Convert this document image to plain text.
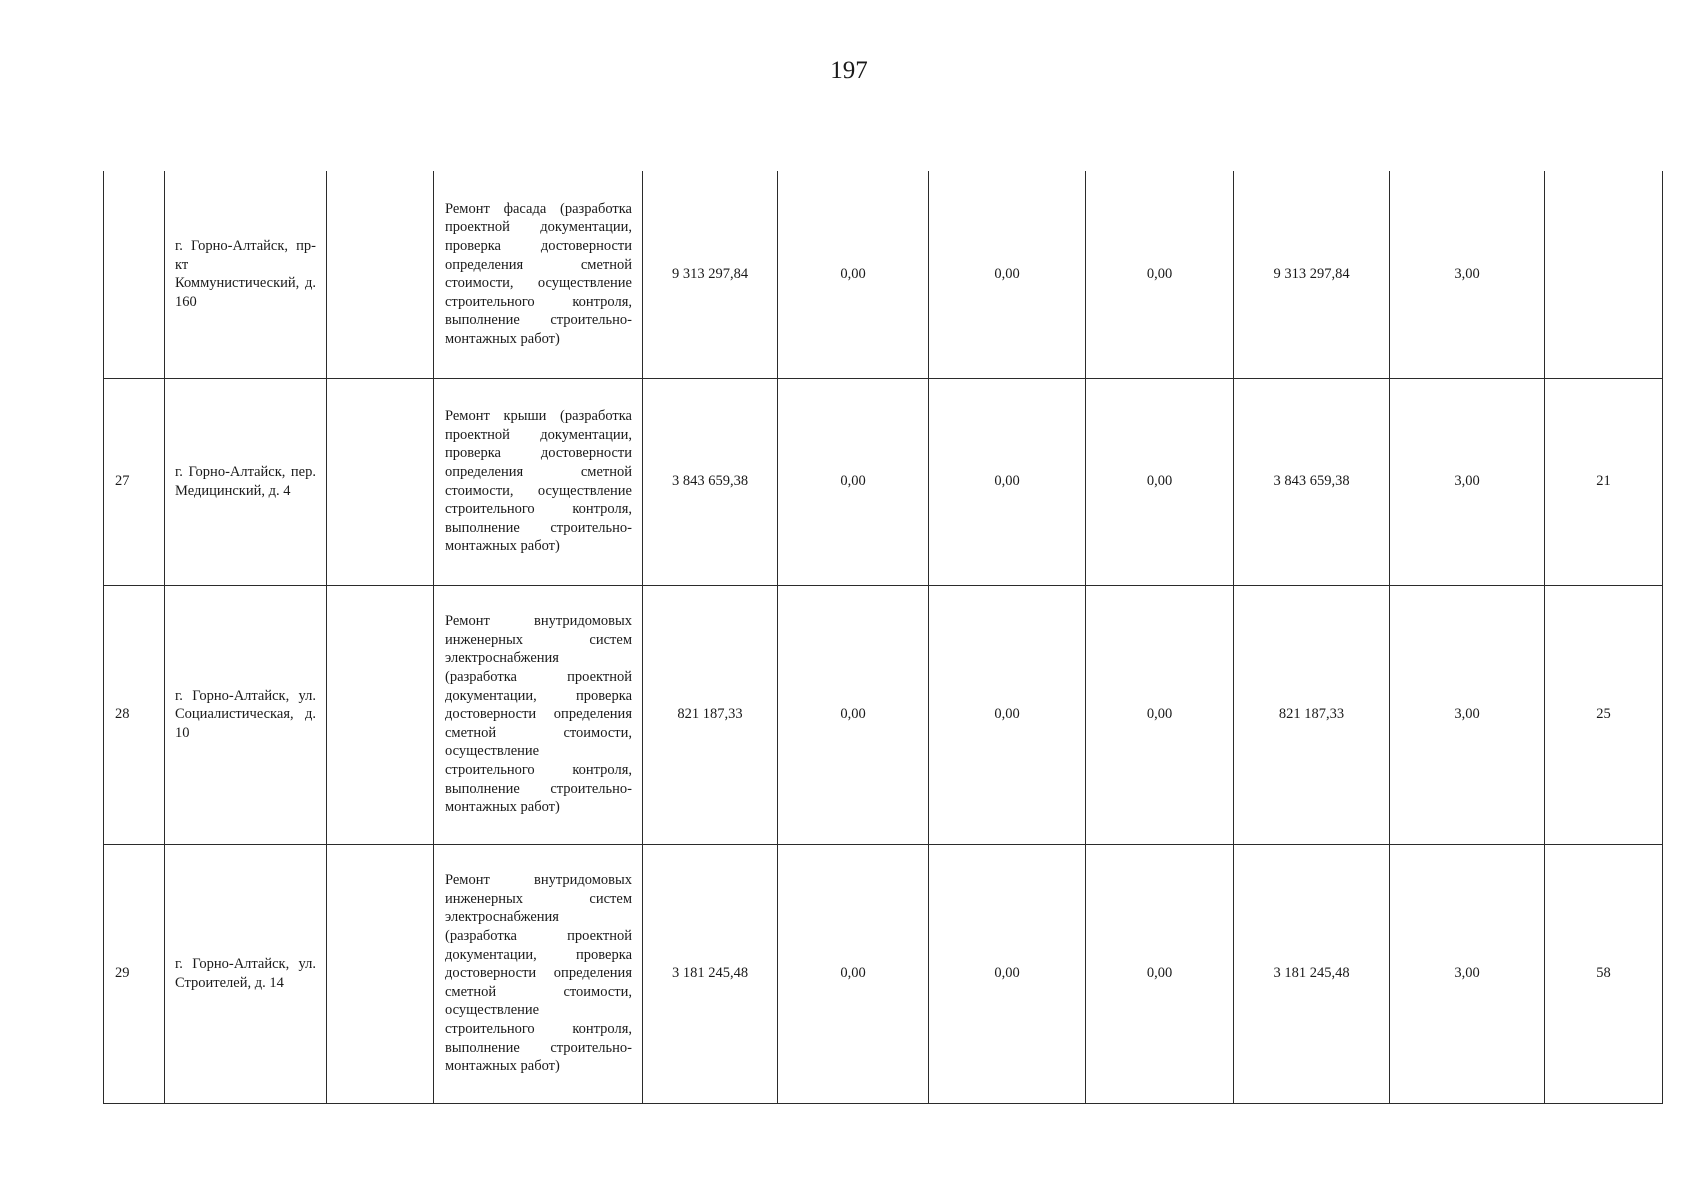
197

	г. Горно-Алтайск, пр-кт Коммунистический, д. 160		Ремонт фасада (разработка проектной документации, проверка достоверности определения сметной стоимости, осуществление строительного контроля, выполнение строительно-монтажных работ)	9 313 297,84	0,00	0,00	0,00	9 313 297,84	3,00	
27	г. Горно-Алтайск, пер. Медицинский, д. 4		Ремонт крыши (разработка проектной документации, проверка достоверности определения сметной стоимости, осуществление строительного контроля, выполнение строительно-монтажных работ)	3 843 659,38	0,00	0,00	0,00	3 843 659,38	3,00	21
28	г. Горно-Алтайск, ул. Социалистическая, д. 10		Ремонт внутридомовых инженерных систем электроснабжения (разработка проектной документации, проверка достоверности определения сметной стоимости, осуществление строительного контроля, выполнение строительно-монтажных работ)	821 187,33	0,00	0,00	0,00	821 187,33	3,00	25
29	г. Горно-Алтайск, ул. Строителей, д. 14		Ремонт внутридомовых инженерных систем электроснабжения (разработка проектной документации, проверка достоверности определения сметной стоимости, осуществление строительного контроля, выполнение строительно-монтажных работ)	3 181 245,48	0,00	0,00	0,00	3 181 245,48	3,00	58
